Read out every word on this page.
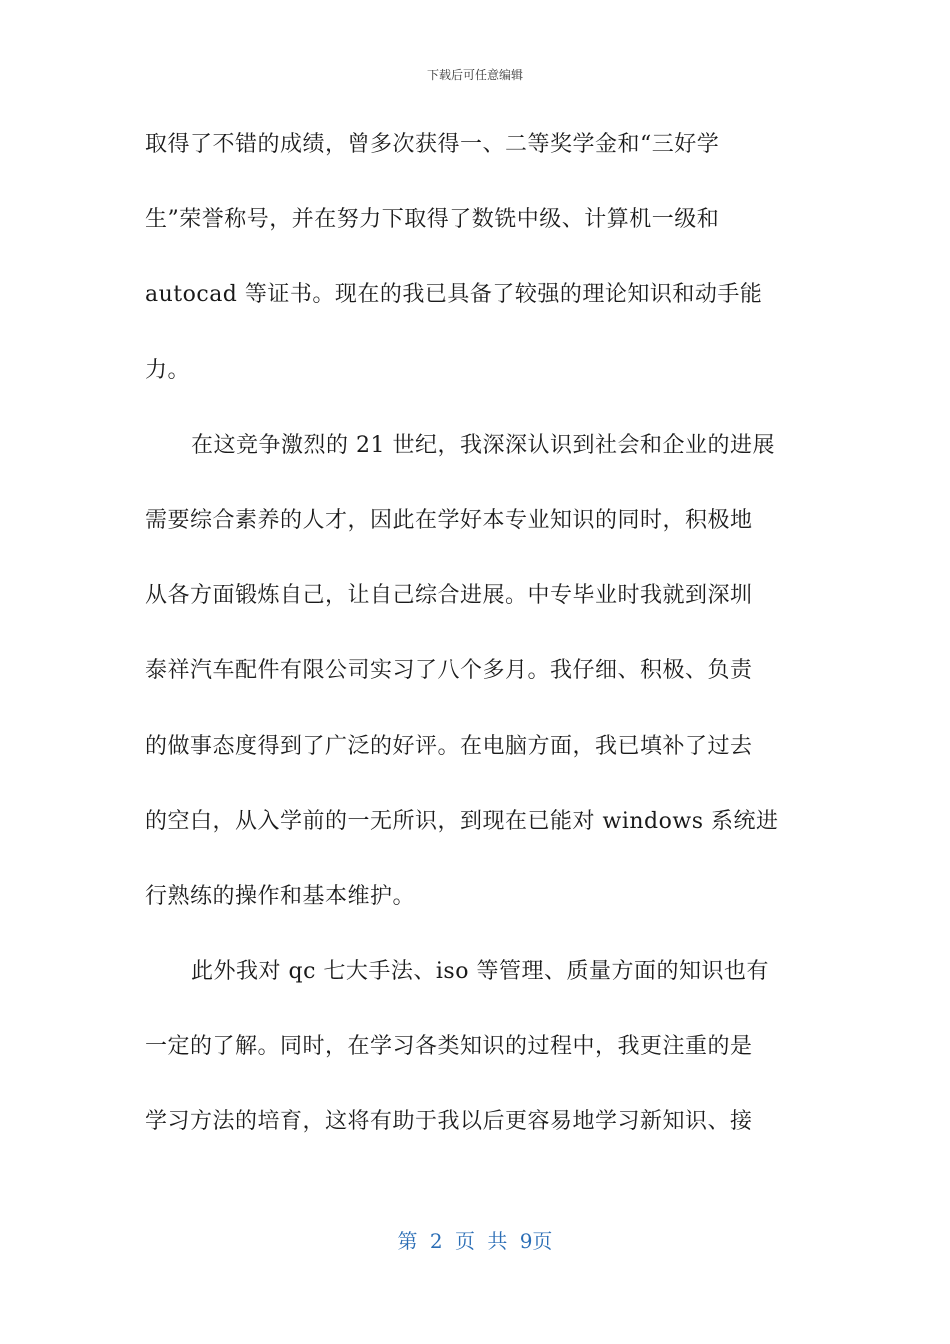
下载后可任意编辑
取得了不错的成绩，曾多次获得一、二等奖学金和“三好学
生”荣誉称号，并在努力下取得了数铣中级、计算机一级和
autocad 等证书。现在的我已具备了较强的理论知识和动手能
力。
在这竞争激烈的 21 世纪，我深深认识到社会和企业的进展
需要综合素养的人才，因此在学好本专业知识的同时，积极地
从各方面锻炼自己，让自己综合进展。中专毕业时我就到深圳
泰祥汽车配件有限公司实习了八个多月。我仔细、积极、负责
的做事态度得到了广泛的好评。在电脑方面，我已填补了过去
的空白，从入学前的一无所识，到现在已能对 windows 系统进
行熟练的操作和基本维护。
此外我对 qc 七大手法、iso 等管理、质量方面的知识也有
一定的了解。同时，在学习各类知识的过程中，我更注重的是
学习方法的培育，这将有助于我以后更容易地学习新知识、接
第 2 页 共 9页
